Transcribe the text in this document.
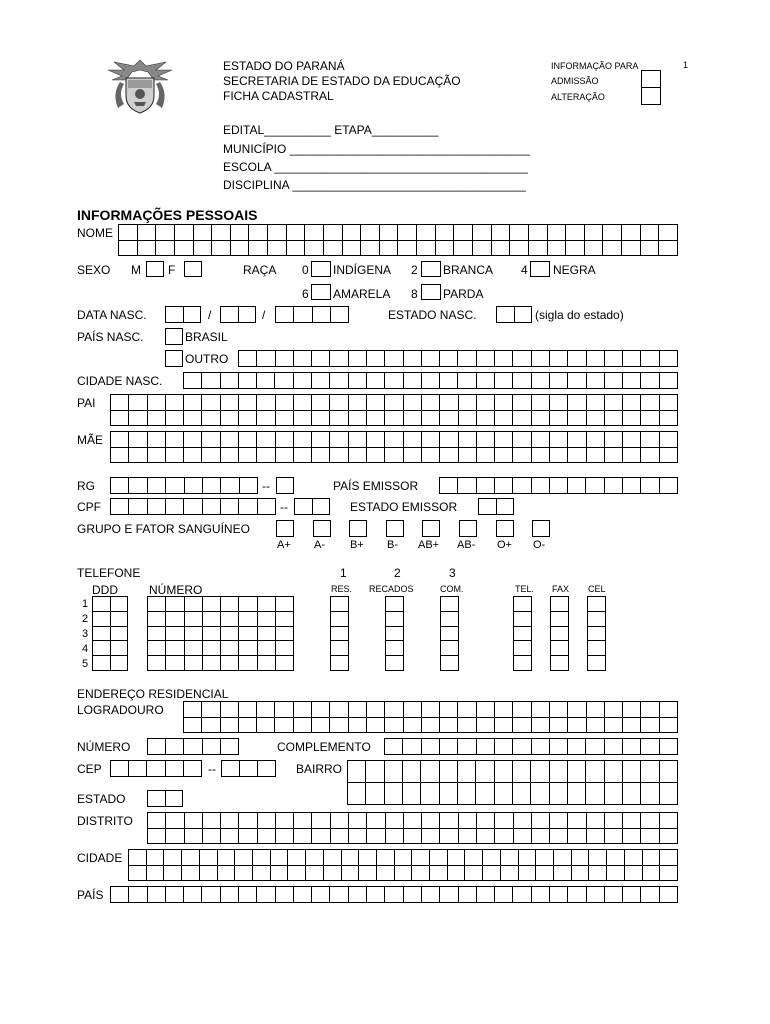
ESTADO DO PARANÁ
SECRETARIA DE ESTADO DA EDUCAÇÃO
FICHA CADASTRAL
INFORMAÇÃO PARA	1
ADMISSÃO
ALTERAÇÃO
EDITAL__________ ETAPA__________
MUNICÍPIO ____________________________________
ESCOLA ______________________________________
DISCIPLINA ___________________________________
INFORMAÇÕES PESSOAIS
NOME
SEXO M F	RAÇA 0 INDÍGENA 2 BRANCA 4 NEGRA
6 AMARELA 8 PARDA
DATA NASC.	/	/	ESTADO NASC.	(sigla do estado)
PAÍS NASC.	BRASIL
OUTRO
CIDADE NASC.
PAI
MÃE
RG	--	PAÍS EMISSOR
CPF	--	ESTADO EMISSOR
GRUPO E FATOR SANGUÍNEO
A+ A- B+ B- AB+ AB- O+ O-
TELEFONE
DDD	NÚMERO
1	2	3
RES. RECADOS	COM.	TEL. FAX CEL
1
2
3
4
5
ENDEREÇO RESIDENCIAL
LOGRADOURO
NÚMERO	COMPLEMENTO
CEP	--	BAIRRO
ESTADO
DISTRITO
CIDADE
PAÍS
